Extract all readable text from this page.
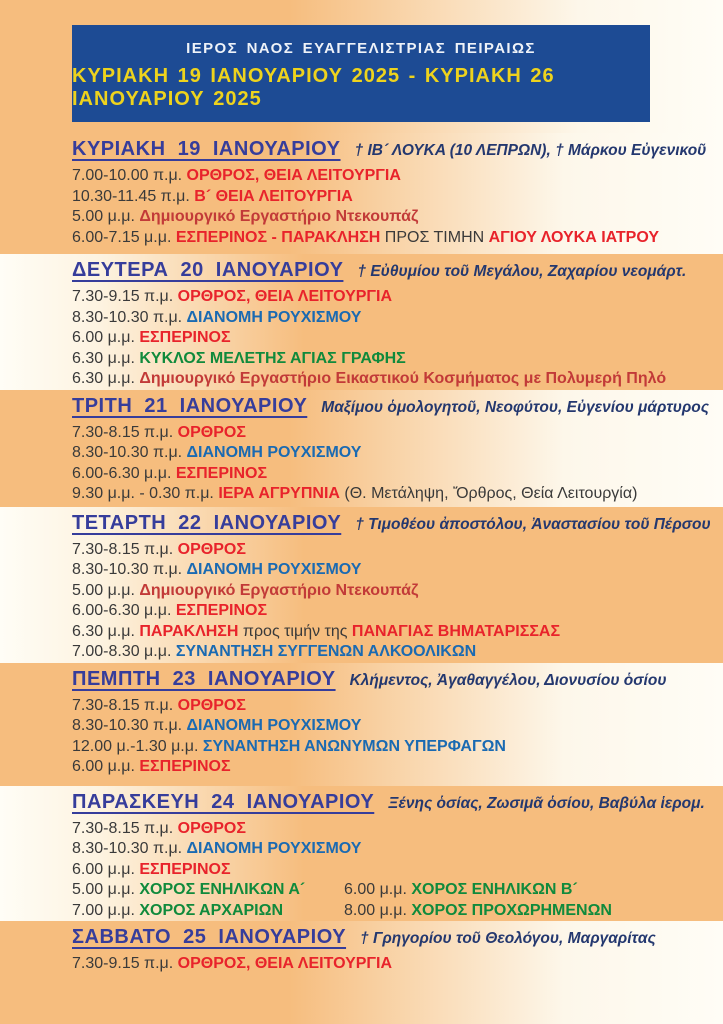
ΙΕΡΟΣ ΝΑΟΣ ΕΥΑΓΓΕΛΙΣΤΡΙΑΣ ΠΕΙΡΑΙΩΣ
ΚΥΡΙΑΚΗ 19 ΙΑΝΟΥΑΡΙΟΥ 2025 - ΚΥΡΙΑΚΗ 26 ΙΑΝΟΥΑΡΙΟΥ 2025
ΚΥΡΙΑΚΗ 19 ΙΑΝΟΥΑΡΙΟΥ † ΙΒ´ ΛΟΥΚΑ (10 ΛΕΠΡΩΝ), † Μάρκου Εὐγενικοῦ
7.00-10.00 π.μ. ΟΡΘΡΟΣ, ΘΕΙΑ ΛΕΙΤΟΥΡΓΙΑ
10.30-11.45 π.μ. Β´ ΘΕΙΑ ΛΕΙΤΟΥΡΓΙΑ
5.00 μ.μ. Δημιουργικό Εργαστήριο Ντεκουπάζ
6.00-7.15 μ.μ. ΕΣΠΕΡΙΝΟΣ - ΠΑΡΑΚΛΗΣΗ ΠΡΟΣ ΤΙΜΗΝ ΑΓΙΟΥ ΛΟΥΚΑ ΙΑΤΡΟΥ
ΔΕΥΤΕΡΑ 20 ΙΑΝΟΥΑΡΙΟΥ † Εὐθυμίου τοῦ Μεγάλου, Ζαχαρίου νεομάρτ.
7.30-9.15 π.μ. ΟΡΘΡΟΣ, ΘΕΙΑ ΛΕΙΤΟΥΡΓΙΑ
8.30-10.30 π.μ. ΔΙΑΝΟΜΗ ΡΟΥΧΙΣΜΟΥ
6.00 μ.μ. ΕΣΠΕΡΙΝΟΣ
6.30 μ.μ. ΚΥΚΛΟΣ ΜΕΛΕΤΗΣ ΑΓΙΑΣ ΓΡΑΦΗΣ
6.30 μ.μ. Δημιουργικό Εργαστήριο Εικαστικού Κοσμήματος με Πολυμερή Πηλό
ΤΡΙΤΗ 21 ΙΑΝΟΥΑΡΙΟΥ Μαξίμου ὁμολογητοῦ, Νεοφύτου, Εὐγενίου μάρτυρος
7.30-8.15 π.μ. ΟΡΘΡΟΣ
8.30-10.30 π.μ. ΔΙΑΝΟΜΗ ΡΟΥΧΙΣΜΟΥ
6.00-6.30 μ.μ. ΕΣΠΕΡΙΝΟΣ
9.30 μ.μ. - 0.30 π.μ. ΙΕΡΑ ΑΓΡΥΠΝΙΑ (Θ. Μετάληψη, Ὄρθρος, Θεία Λειτουργία)
ΤΕΤΑΡΤΗ 22 ΙΑΝΟΥΑΡΙΟΥ † Τιμοθέου ἀποστόλου, Ἀναστασίου τοῦ Πέρσου
7.30-8.15 π.μ. ΟΡΘΡΟΣ
8.30-10.30 π.μ. ΔΙΑΝΟΜΗ ΡΟΥΧΙΣΜΟΥ
5.00 μ.μ. Δημιουργικό Εργαστήριο Ντεκουπάζ
6.00-6.30 μ.μ. ΕΣΠΕΡΙΝΟΣ
6.30 μ.μ. ΠΑΡΑΚΛΗΣΗ προς τιμήν της ΠΑΝΑΓΙΑΣ ΒΗΜΑΤΑΡΙΣΣΑΣ
7.00-8.30 μ.μ. ΣΥΝΑΝΤΗΣΗ ΣΥΓΓΕΝΩΝ ΑΛΚΟΟΛΙΚΩΝ
ΠΕΜΠΤΗ 23 ΙΑΝΟΥΑΡΙΟΥ Κλήμεντος, Ἀγαθαγγέλου, Διονυσίου ὁσίου
7.30-8.15 π.μ. ΟΡΘΡΟΣ
8.30-10.30 π.μ. ΔΙΑΝΟΜΗ ΡΟΥΧΙΣΜΟΥ
12.00 μ.-1.30 μ.μ. ΣΥΝΑΝΤΗΣΗ ΑΝΩΝΥΜΩΝ ΥΠΕΡΦΑΓΩΝ
6.00 μ.μ. ΕΣΠΕΡΙΝΟΣ
ΠΑΡΑΣΚΕΥΗ 24 ΙΑΝΟΥΑΡΙΟΥ Ξένης ὁσίας, Ζωσιμᾶ ὁσίου, Βαβύλα ἱερομ.
7.30-8.15 π.μ. ΟΡΘΡΟΣ
8.30-10.30 π.μ. ΔΙΑΝΟΜΗ ΡΟΥΧΙΣΜΟΥ
6.00 μ.μ. ΕΣΠΕΡΙΝΟΣ
5.00 μ.μ. ΧΟΡΟΣ ΕΝΗΛΙΚΩΝ Α´	6.00 μ.μ. ΧΟΡΟΣ ΕΝΗΛΙΚΩΝ Β´
7.00 μ.μ. ΧΟΡΟΣ ΑΡΧΑΡΙΩΝ	8.00 μ.μ. ΧΟΡΟΣ ΠΡΟΧΩΡΗΜΕΝΩΝ
ΣΑΒΒΑΤΟ 25 ΙΑΝΟΥΑΡΙΟΥ † Γρηγορίου τοῦ Θεολόγου, Μαργαρίτας
7.30-9.15 π.μ. ΟΡΘΡΟΣ, ΘΕΙΑ ΛΕΙΤΟΥΡΓΙΑ
